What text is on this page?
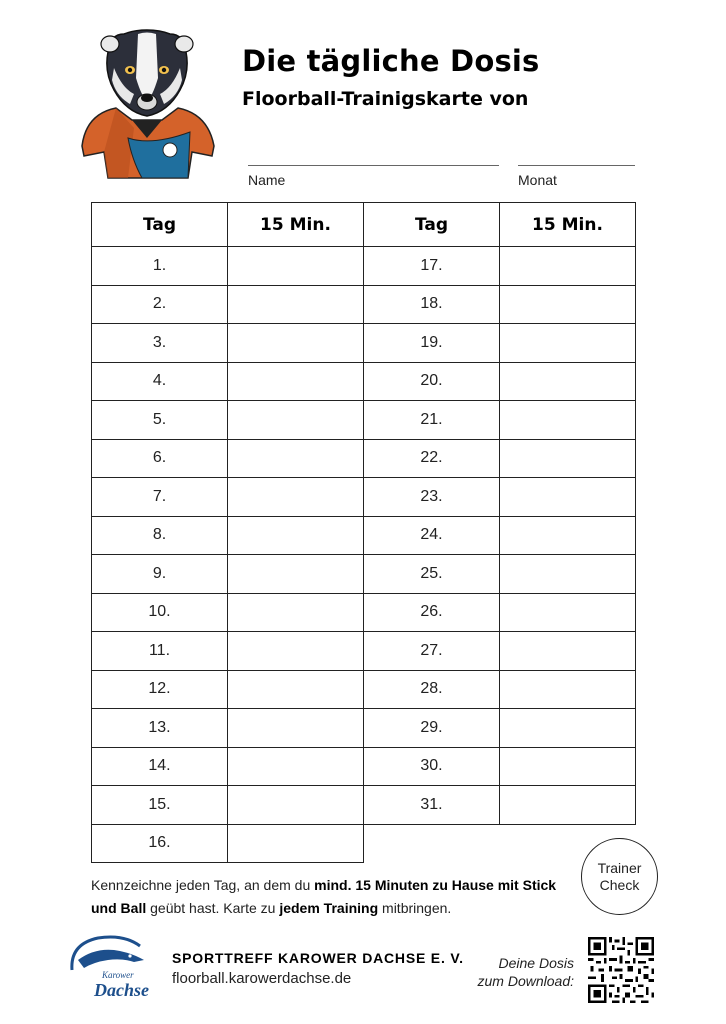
Die tägliche Dosis
Floorball-Trainigskarte von
Name	Monat
Tag	15 Min.	Tag	15 Min.
1.		17.	
2.		18.	
3.		19.	
4.		20.	
5.		21.	
6.		22.	
7.		23.	
8.		24.	
9.		25.	
10.		26.	
11.		27.	
12.		28.	
13.		29.	
14.		30.	
15.		31.	
16.			
Trainer
Check
Kennzeichne jeden Tag, an dem du mind. 15 Minuten zu Hause mit Stick und Ball geübt hast. Karte zu jedem Training mitbringen.
Karower
Dachse
SPORTTREFF KAROWER DACHSE E. V.
floorball.karowerdachse.de
Deine Dosis
zum Download:
